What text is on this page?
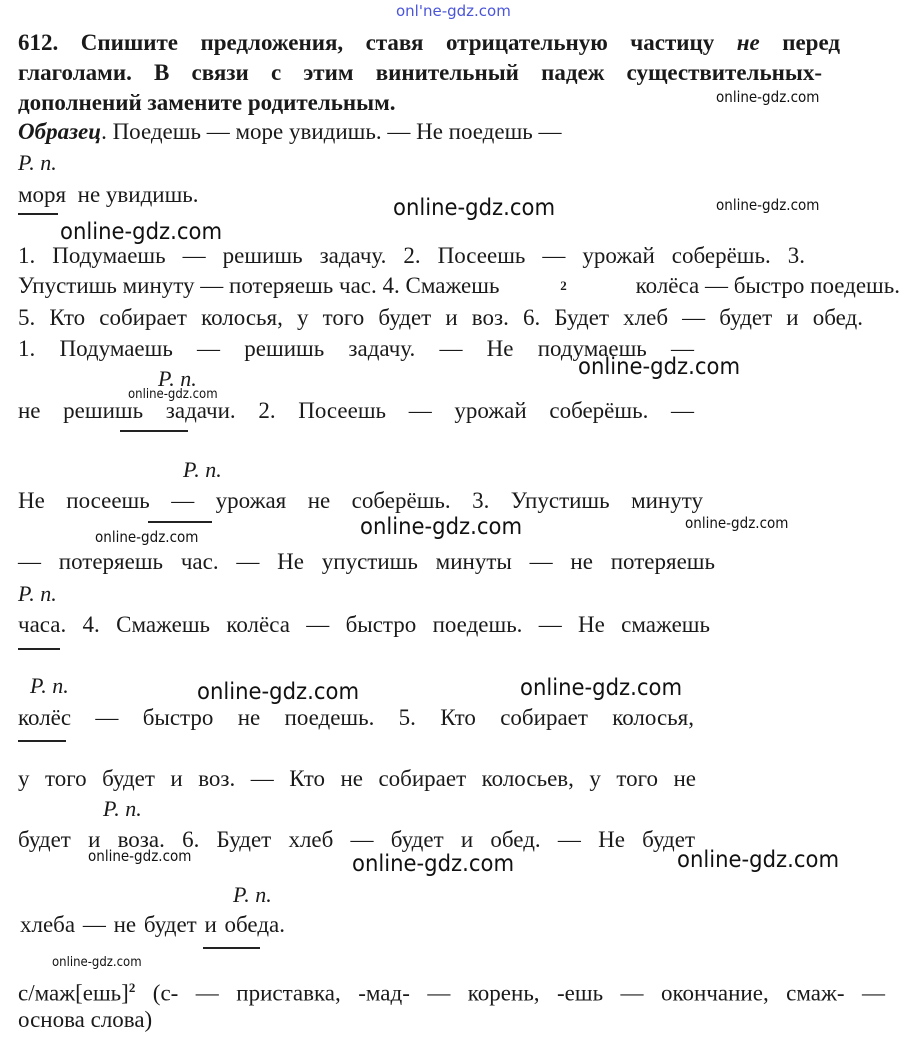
onl'ne-gdz.com
612. Спишите предложения, ставя отрицательную частицу не перед
глаголами. В связи с этим винительный падеж существительных-
дополнений замените родительным.	online-gdz.com
Образец. Поедешь — море увидишь. — Не поедешь —
Р. п.
моря  не увидишь.
online-gdz.com	online-gdz.com
online-gdz.com
1. Подумаешь — решишь задачу. 2. Посеешь — урожай соберёшь. 3.
Упустишь минуту — потеряешь час. 4. Смажешь	2	колёса — быстро поедешь.
5. Кто собирает колосья, у того будет и воз. 6. Будет хлеб — будет и обед.
1. Подумаешь — решишь задачу. — Не подумаешь —
Р. п.
online-gdz.com
online-gdz.com
не решишь задачи. 2. Посеешь — урожай соберёшь. —
Р. п.
Не посеешь — урожая не соберёшь. 3. Упустишь минуту
online-gdz.com	online-gdz.com	online-gdz.com
— потеряешь час. — Не упустишь минуты — не потеряешь
Р. п.
часа. 4. Смажешь колёса — быстро поедешь. — Не смажешь
Р. п.	online-gdz.com	online-gdz.com
колёс — быстро не поедешь. 5. Кто собирает колосья,
у того будет и воз. — Кто не собирает колосьев, у того не
Р. п.
будет и воза. 6. Будет хлеб — будет и обед. — Не будет
online-gdz.com	online-gdz.com	online-gdz.com
Р. п.
хлеба — не будет и обеда.
online-gdz.com
с/маж[ешь]$^2$ (с- — приставка, -мад- — корень, -ешь — окончание, смаж- —
основа слова)
